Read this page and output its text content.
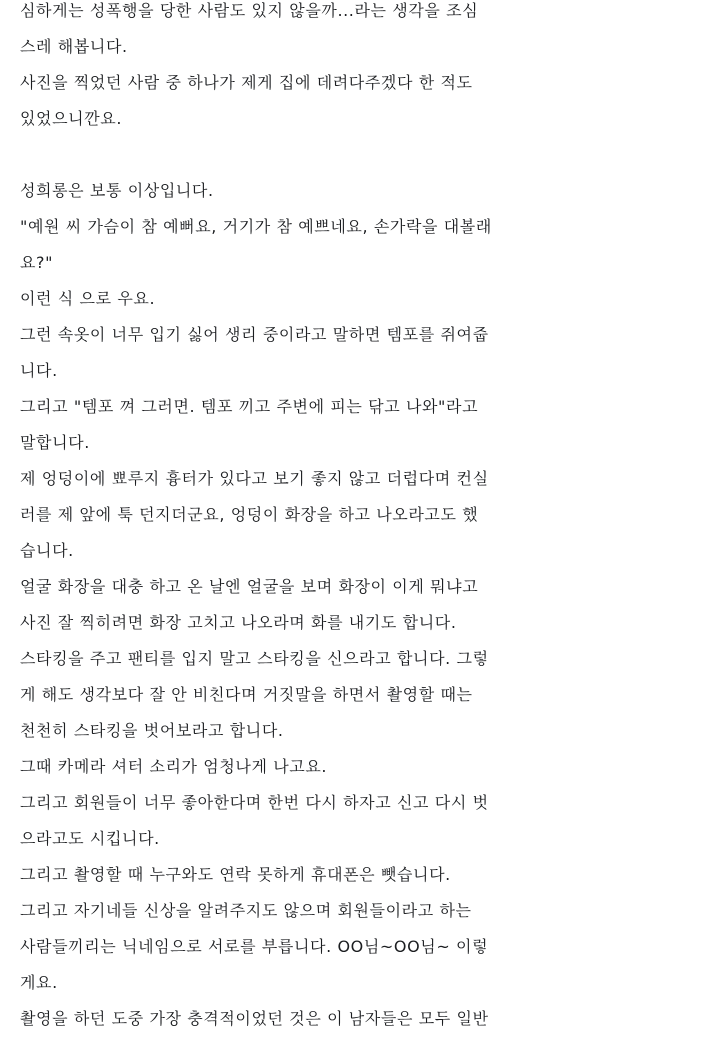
심하게는 성폭행을 당한 사람도 있지 않을까...라는 생각을 조심
스레 해봅니다.
사진을 찍었던 사람 중 하나가 제게 집에 데려다주겠다 한 적도
있었으니깐요.
성희롱은 보통 이상입니다.
"예원 씨 가슴이 참 예뻐요, 거기가 참 예쁘네요, 손가락을 대볼래
요?"
이런 식 으로 우요.
그런 속옷이 너무 입기 싫어 생리 중이라고 말하면 템포를 쥐여줍
니다.
그리고 "템포 껴 그러면. 템포 끼고 주변에 피는 닦고 나와"라고
말합니다.
제 엉덩이에 뾰루지 흉터가 있다고 보기 좋지 않고 더럽다며 컨실
러를 제 앞에 툭 던지더군요, 엉덩이 화장을 하고 나오라고도 했
습니다.
얼굴 화장을 대충 하고 온 날엔 얼굴을 보며 화장이 이게 뭐냐고
사진 잘 찍히려면 화장 고치고 나오라며 화를 내기도 합니다.
스타킹을 주고 팬티를 입지 말고 스타킹을 신으라고 합니다. 그렇
게 해도 생각보다 잘 안 비친다며 거짓말을 하면서 촬영할 때는
천천히 스타킹을 벗어보라고 합니다.
그때 카메라 셔터 소리가 엄청나게 나고요.
그리고 회원들이 너무 좋아한다며 한번 다시 하자고 신고 다시 벗
으라고도 시킵니다.
그리고 촬영할 때 누구와도 연락 못하게 휴대폰은 뺏습니다.
그리고 자기네들 신상을 알려주지도 않으며 회원들이라고 하는
사람들끼리는 닉네임으로 서로를 부릅니다. OO님~OO님~ 이렇
게요.
촬영을 하던 도중 가장 충격적이었던 것은 이 남자들은 모두 일반
